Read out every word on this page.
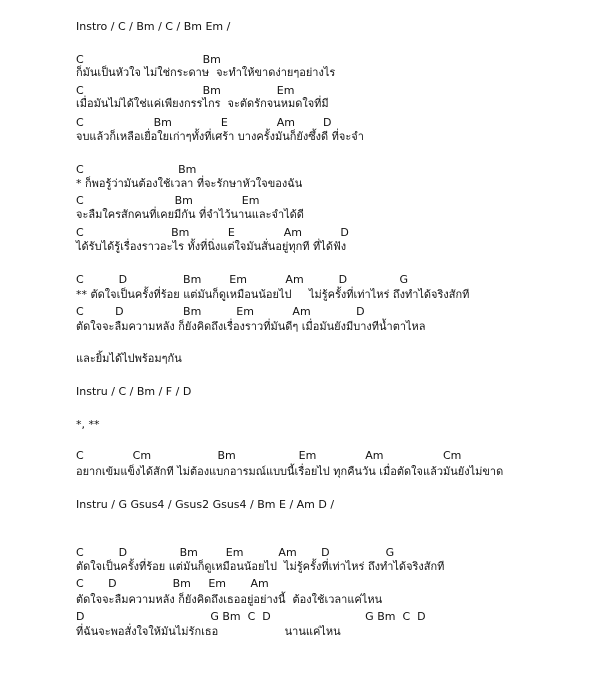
Instro / C / Bm / C / Bm Em /
C                                  Bm
ก็มันเป็นหัวใจ ไม่ใช่กระดาษ  จะทำให้ขาดง่ายๆอย่างไร
C                                  Bm                Em
เมื่อมันไม่ได้ใช่แค่เพียงกรรไกร  จะตัดรักจนหมดใจที่มี
C                    Bm              E              Am        D
จบแล้วก็เหลือเยื่อใยเก่าๆทั้งที่เศร้า บางครั้งมันก็ยังซึ้งดี ที่จะจำ
C                           Bm
* ก็พอรู้ว่ามันต้องใช้เวลา ที่จะรักษาหัวใจของฉัน
C                          Bm              Em
จะลืมใครสักคนที่เคยมีกัน ที่จำไว้นานและจำได้ดี
C                         Bm           E              Am           D
ได้รับได้รู้เรื่องราวอะไร ทั้งที่นิ่งแต่ใจมันสั่นอยู่ทุกที ที่ได้ฟัง
C          D                Bm        Em           Am          D               G
** ตัดใจเป็นครั้งที่ร้อย แต่มันก็ดูเหมือนน้อยไป     ไม่รู้ครั้งที่เท่าไหร่ ถึงทำได้จริงสักที
C         D                 Bm          Em           Am             D
ตัดใจจะลืมความหลัง ก็ยังคิดถึงเรื่องราวที่มันดีๆ เมื่อมันยังมีบางทีน้ำตาไหล
และยิ้มได้ไปพร้อมๆกัน
Instru / C / Bm / F / D
*, **
C              Cm                   Bm                  Em              Am                 Cm
อยากเข้มแข็งได้สักที ไม่ต้องแบกอารมณ์แบบนี้เรื่อยไป ทุกคืนวัน เมื่อตัดใจแล้วมันยังไม่ขาด
Instru / G Gsus4 / Gsus2 Gsus4 / Bm E / Am D /
C          D               Bm        Em          Am       D                G
ตัดใจเป็นครั้งที่ร้อย แต่มันก็ดูเหมือนน้อยไป  ไม่รู้ครั้งที่เท่าไหร่ ถึงทำได้จริงสักที
C       D                Bm     Em       Am
ตัดใจจะลืมความหลัง ก็ยังคิดถึงเธออยู่อย่างนี้  ต้องใช้เวลาแค่ไหน
D                                    G Bm  C  D                           G Bm  C  D
ที่ฉันจะพอสั่งใจให้มันไม่รักเธอ                   นานแค่ไหน
